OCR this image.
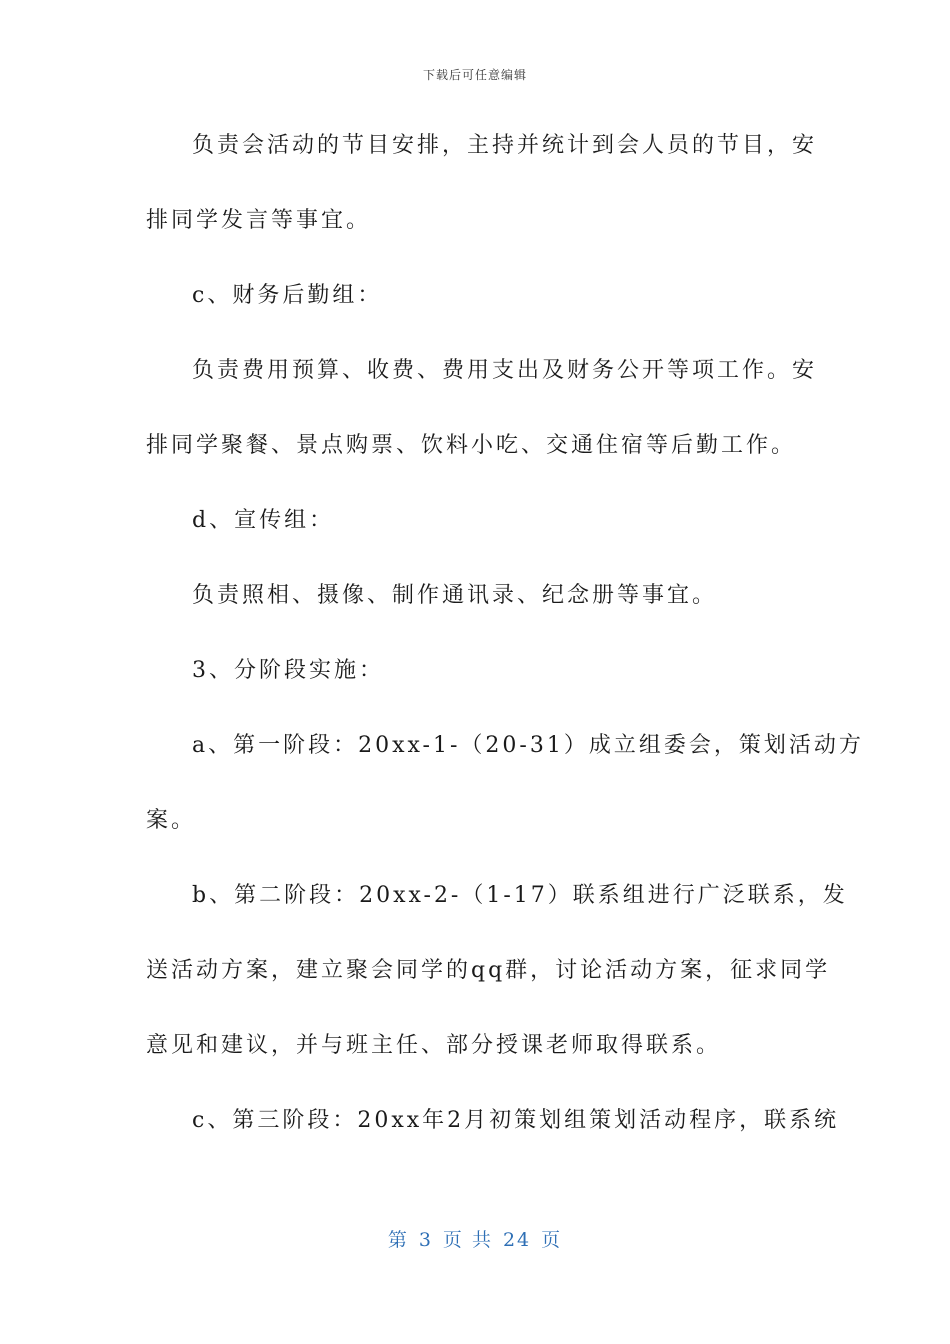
下载后可任意编辑
负责会活动的节目安排，主持并统计到会人员的节目，安
排同学发言等事宜。
c、财务后勤组：
负责费用预算、收费、费用支出及财务公开等项工作。安
排同学聚餐、景点购票、饮料小吃、交通住宿等后勤工作。
d、宣传组：
负责照相、摄像、制作通讯录、纪念册等事宜。
3、分阶段实施：
a、第一阶段：20xx-1-（20-31）成立组委会，策划活动方
案。
b、第二阶段：20xx-2-（1-17）联系组进行广泛联系，发
送活动方案，建立聚会同学的qq群，讨论活动方案，征求同学
意见和建议，并与班主任、部分授课老师取得联系。
c、第三阶段：20xx年2月初策划组策划活动程序，联系统
第 3 页 共 24 页
